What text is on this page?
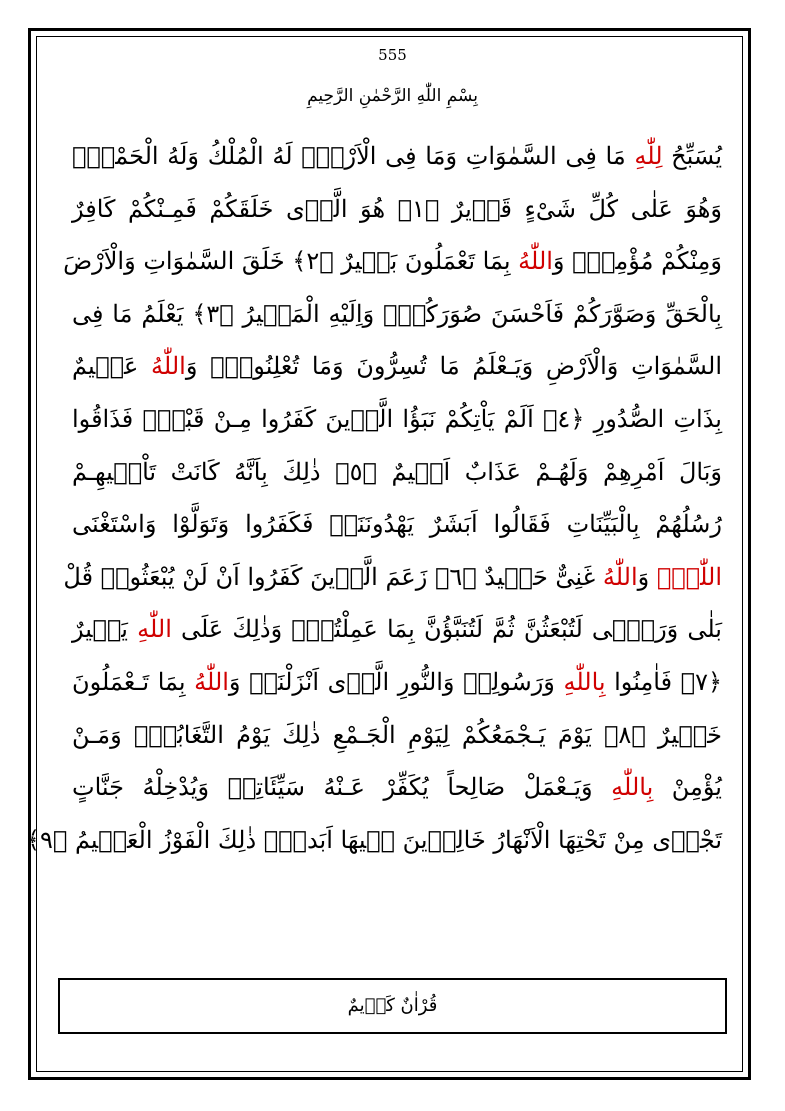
555
بِسْمِ اللّٰهِ الرَّحْمٰنِ الرَّحِيمِ
يُسَبِّحُ لِلّٰهِ مَا فِى السَّمٰوَاتِ وَمَا فِى الْاَرْضِۚ لَهُ الْمُلْكُ وَلَهُ الْحَمْدُۘ
وَهُوَ عَلٰى كُلِّ شَىْءٍ قَدٖيرٌ ﴿١﴾ هُوَ الَّذٖى خَلَقَكُمْ فَمِـنْكُمْ كَافِرٌ
وَمِنْكُمْ مُؤْمِنٌۜ وَاللّٰهُ بِمَا تَعْمَلُونَ بَصٖيرٌ ﴿٢﴾ خَلَقَ السَّمٰوَاتِ وَالْاَرْضَ
بِالْحَقِّ وَصَوَّرَكُمْ فَاَحْسَنَ صُوَرَكُمْۚ وَاِلَيْهِ الْمَصٖيرُ ﴿٣﴾ يَعْلَمُ مَا فِى
السَّمٰوَاتِ وَالْاَرْضِ وَيَـعْلَمُ مَا تُسِرُّونَ وَمَا تُعْلِنُونَۜ وَاللّٰهُ عَلٖيمٌ
بِذَاتِ الصُّدُورِ ﴿٤﴾ اَلَمْ يَاْتِكُمْ نَبَؤُا الَّذٖينَ كَفَرُوا مِـنْ قَبْلُۘ فَذَاقُوا
وَبَالَ اَمْرِهِمْ وَلَهُـمْ عَذَابٌ اَلٖيمٌ ﴿٥﴾ ذٰلِكَ بِاَنَّهُ كَانَتْ تَاْتٖيهِـمْ
رُسُلُهُمْ بِالْبَيِّنَاتِ فَقَالُوا اَبَشَرٌ يَهْدُونَنَاۘ فَكَفَرُوا وَتَوَلَّوْا وَاسْتَغْنَى
اللّٰهُۜ وَاللّٰهُ غَنِىٌّ حَمٖيدٌ ﴿٦﴾ زَعَمَ الَّذٖينَ كَفَرُوا اَنْ لَنْ يُبْعَثُواۜ قُلْ
بَلٰى وَرَبّٖى لَتُبْعَثُنَّ ثُمَّ لَتُنَبَّؤُنَّ بِمَا عَمِلْتُمْۜ وَذٰلِكَ عَلَى اللّٰهِ يَسٖيرٌ
﴿٧﴾ فَاٰمِنُوا بِاللّٰهِ وَرَسُولِهٖ وَالنُّورِ الَّذٖى اَنْزَلْنَاۜ وَاللّٰهُ بِمَا تَـعْمَلُونَ
خَبٖيرٌ ﴿٨﴾ يَوْمَ يَـجْمَعُكُمْ لِيَوْمِ الْجَـمْعِ ذٰلِكَ يَوْمُ التَّغَابُنِۜ وَمَـنْ
يُؤْمِنْ بِاللّٰهِ وَيَـعْمَلْ صَالِحاً يُكَفِّرْ عَـنْهُ سَيِّئَاتِهٖ وَيُدْخِلْهُ جَنَّاتٍ
تَجْرٖى مِنْ تَحْتِهَا الْاَنْهَارُ خَالِدٖينَ فٖيهَا اَبَداًۜ ذٰلِكَ الْفَوْزُ الْعَظٖيمُ ﴿٩﴾
قُرْاٰنٌ كَرٖيمٌ
